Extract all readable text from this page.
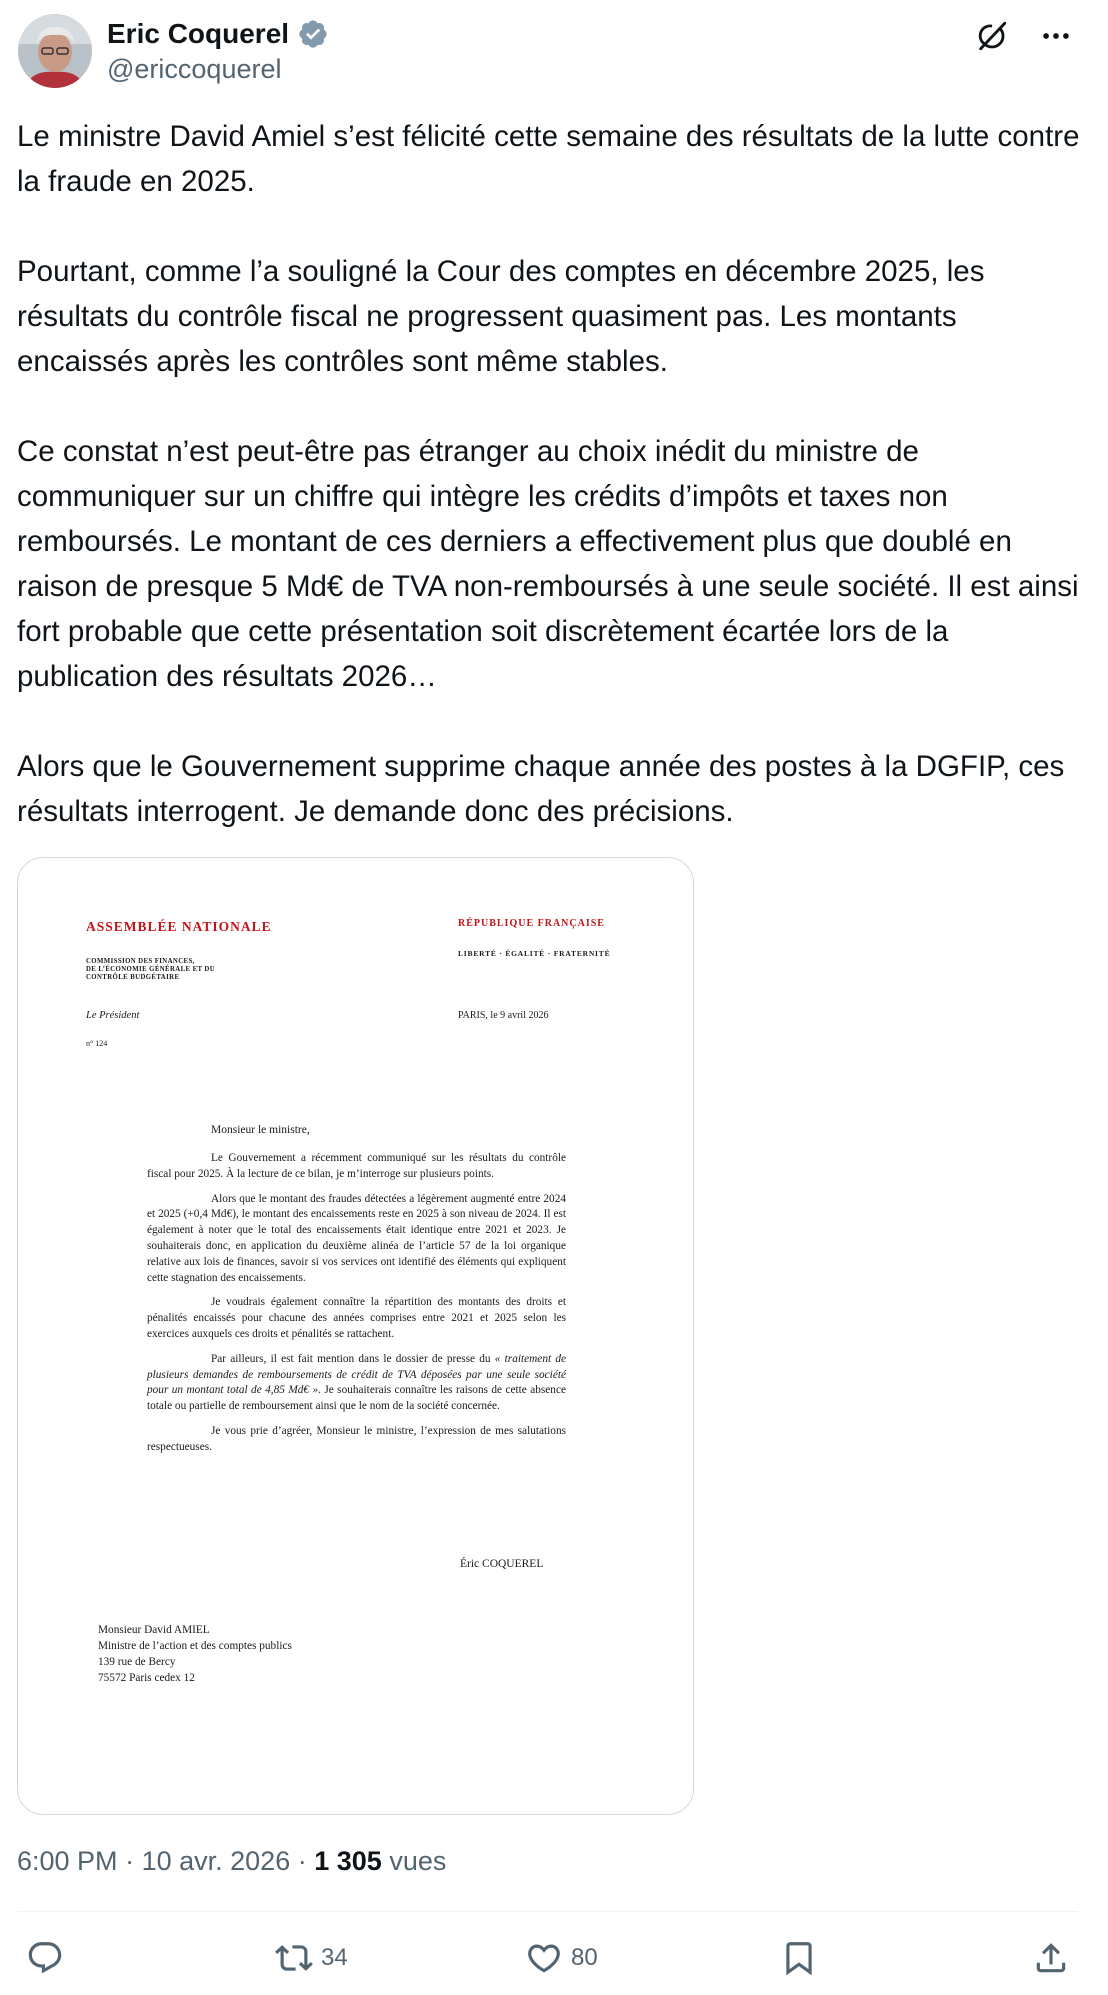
Eric Coquerel
@ericcoquerel

Le ministre David Amiel s’est félicité cette semaine des résultats de la lutte contre la fraude en 2025.

Pourtant, comme l’a souligné la Cour des comptes en décembre 2025, les résultats du contrôle fiscal ne progressent quasiment pas. Les montants encaissés après les contrôles sont même stables.

Ce constat n’est peut-être pas étranger au choix inédit du ministre de communiquer sur un chiffre qui intègre les crédits d’impôts et taxes non remboursés. Le montant de ces derniers a effectivement plus que doublé en raison de presque 5 Md€ de TVA non-remboursés à une seule société. Il est ainsi fort probable que cette présentation soit discrètement écartée lors de la publication des résultats 2026…

Alors que le Gouvernement supprime chaque année des postes à la DGFIP, ces résultats interrogent. Je demande donc des précisions.

ASSEMBLÉE NATIONALE	RÉPUBLIQUE FRANÇAISE
LIBERTÉ · ÉGALITÉ · FRATERNITÉ
COMMISSION DES FINANCES,
DE L’ÉCONOMIE GÉNÉRALE ET DU
CONTRÔLE BUDGÉTAIRE
Le Président	PARIS, le 9 avril 2026
n° 124
Monsieur le ministre,

Le Gouvernement a récemment communiqué sur les résultats du contrôle fiscal pour 2025. À la lecture de ce bilan, je m’interroge sur plusieurs points.

Alors que le montant des fraudes détectées a légèrement augmenté entre 2024 et 2025 (+0,4 Md€), le montant des encaissements reste en 2025 à son niveau de 2024. Il est également à noter que le total des encaissements était identique entre 2021 et 2023. Je souhaiterais donc, en application du deuxième alinéa de l’article 57 de la loi organique relative aux lois de finances, savoir si vos services ont identifié des éléments qui expliquent cette stagnation des encaissements.

Je voudrais également connaître la répartition des montants des droits et pénalités encaissés pour chacune des années comprises entre 2021 et 2025 selon les exercices auxquels ces droits et pénalités se rattachent.

Par ailleurs, il est fait mention dans le dossier de presse du « traitement de plusieurs demandes de remboursements de crédit de TVA déposées par une seule société pour un montant total de 4,85 Md€ ». Je souhaiterais connaître les raisons de cette absence totale ou partielle de remboursement ainsi que le nom de la société concernée.

Je vous prie d’agréer, Monsieur le ministre, l’expression de mes salutations respectueuses.

Éric COQUEREL
Monsieur David AMIEL
Ministre de l’action et des comptes publics
139 rue de Bercy
75572 Paris cedex 12
6:00 PM · 10 avr. 2026 · 1 305 vues
34	80
